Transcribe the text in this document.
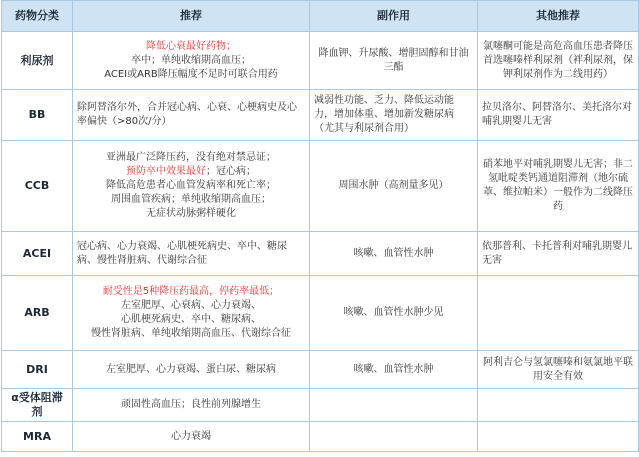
药物分类	推荐	副作用	其他推荐
利尿剂	降低心衰最好药物；
卒中；单纯收缩期高血压；
ACEI或ARB降压幅度不足时可联合用药	降血钾、升尿酸、增胆固醇和甘油三酯	氯噻酮可能是高危高血压患者降压首选噻嗪样利尿剂（袢利尿剂，保钾利尿剂作为二线用药）
BB	除阿替洛尔外，合并冠心病、心衰、心梗病史及心率偏快（>80次/分）	减弱性功能、乏力、降低运动能力，增加体重、增加新发糖尿病（尤其与利尿剂合用）	拉贝洛尔、阿替洛尔、美托洛尔对哺乳期婴儿无害
CCB	亚洲最广泛降压药，没有绝对禁忌证；
预防卒中效果最好；冠心病；
降低高危患者心血管发病率和死亡率；
周围血管疾病；单纯收缩期高血压；
无症状动脉粥样硬化	周围水肿（高剂量多见）	硝苯地平对哺乳期婴儿无害；非二氢吡啶类钙通道阻滞剂（地尔硫䓬、维拉帕米）一般作为二线降压药
ACEI	冠心病、心力衰竭、心肌梗死病史、卒中、糖尿病、慢性肾脏病、代谢综合征	咳嗽、血管性水肿	依那普利、卡托普利对哺乳期婴儿无害
ARB	耐受性是5种降压药最高，停药率最低；
左室肥厚、心衰病、心力衰竭、
心肌梗死病史、卒中、糖尿病、
慢性肾脏病、单纯收缩期高血压、代谢综合征	咳嗽、血管性水肿少见	
DRI	左室肥厚、心力衰竭、蛋白尿、糖尿病	咳嗽、血管性水肿	阿利吉仑与氢氯噻嗪和氨氯地平联用安全有效
α受体阻滞剂	顽固性高血压；良性前列腺增生		
MRA	心力衰竭		
